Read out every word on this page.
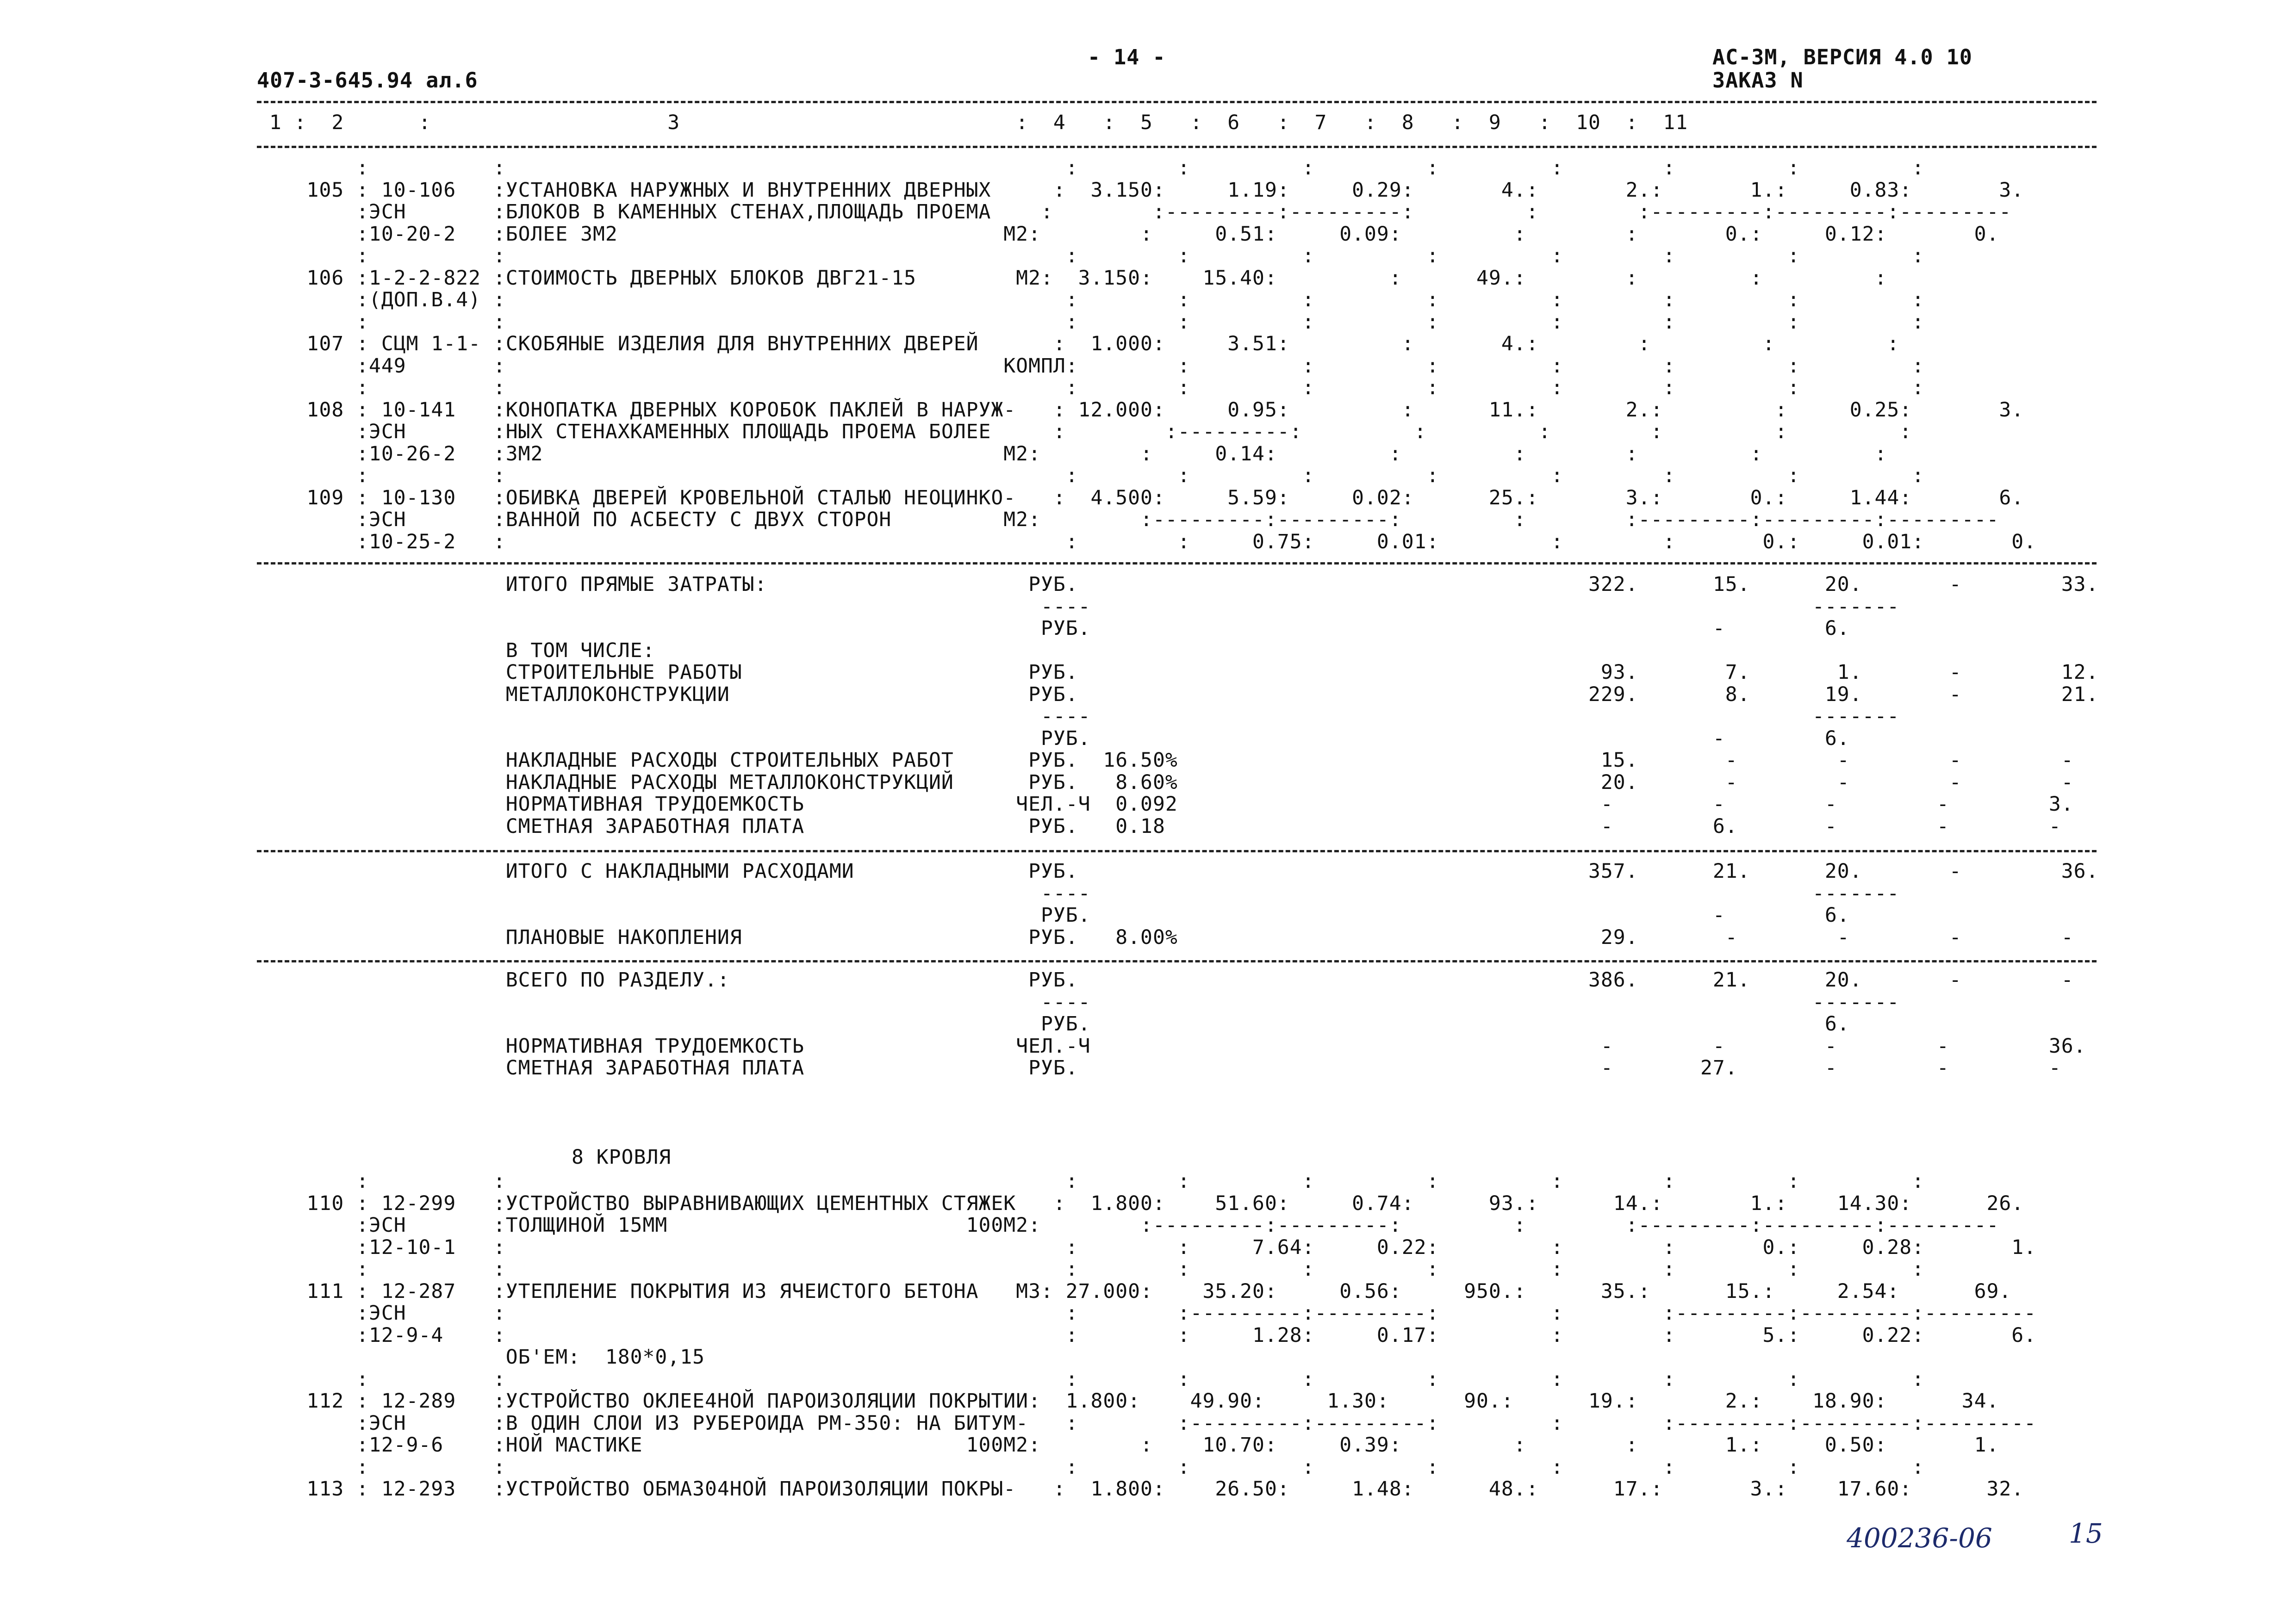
407-3-645.94 ал.6
- 14 -	АС-3М, ВЕРСИЯ 4.0 10
ЗАКАЗ N
1 :  2      :                   3                           :  4   :  5   :  6   :  7   :  8   :  9   :  10  :  11
8 КРОВЛЯ
400236-06	15
:          :                                             :        :         :         :         :        :         :         :
105 : 10-106   :УСТАНОВКА НАРУЖНЫХ И ВНУТРЕННИХ ДВЕРНЫХ     :  3.150:     1.19:     0.29:       4.:       2.:       1.:     0.83:       3.
:ЭСН       :БЛОКОВ В КАМЕННЫХ СТЕНАХ,ПЛОЩАДЬ ПРОЕМА    :        :---------:---------:         :        :---------:---------:---------
:10-20-2   :БОЛЕЕ 3М2                               М2:        :     0.51:     0.09:         :        :       0.:     0.12:       0.
:          :                                             :        :         :         :         :        :         :         :
106 :1-2-2-822 :СТОИМОСТЬ ДВЕРНЫХ БЛОКОВ ДВГ21-15        М2:  3.150:    15.40:         :      49.:        :         :         :
:(ДОП.В.4) :                                             :        :         :         :         :        :         :         :
:          :                                             :        :         :         :         :        :         :         :
107 : СЦМ 1-1- :СКОБЯНЫЕ ИЗДЕЛИЯ ДЛЯ ВНУТРЕННИХ ДВЕРЕЙ      :  1.000:     3.51:         :       4.:        :         :         :
:449       :                                        КОМПЛ:        :         :         :         :        :         :         :
:          :                                             :        :         :         :         :        :         :         :
108 : 10-141   :КОНОПАТКА ДВЕРНЫХ КОРОБОК ПАКЛЕЙ В НАРУЖ-   : 12.000:     0.95:         :      11.:       2.:         :     0.25:       3.
:ЭСН       :НЫХ СТЕНАХКАМЕННЫХ ПЛОЩАДЬ ПРОЕМА БОЛЕЕ     :        :---------:         :         :        :         :         :
:10-26-2   :3М2                                     М2:        :     0.14:         :         :        :         :         :
:          :                                             :        :         :         :         :        :         :         :
109 : 10-130   :ОБИВКА ДВЕРЕЙ КРОВЕЛЬНОЙ СТАЛЬЮ НЕОЦИНКО-   :  4.500:     5.59:     0.02:      25.:       3.:       0.:     1.44:       6.
:ЭСН       :ВАННОЙ ПО АСБЕСТУ С ДВУХ СТОРОН         М2:        :---------:---------:         :        :---------:---------:---------
:10-25-2   :                                             :        :     0.75:     0.01:         :        :       0.:     0.01:       0.
ИТОГО ПРЯМЫЕ ЗАТРАТЫ:                     РУБ.                                         322.      15.      20.       -        33.
----                                                          -------
РУБ.                                                  -        6.
В ТОМ ЧИСЛЕ:
СТРОИТЕЛЬНЫЕ РАБОТЫ                       РУБ.                                          93.       7.       1.       -        12.
МЕТАЛЛОКОНСТРУКЦИИ                        РУБ.                                         229.       8.      19.       -        21.
----                                                          -------
РУБ.                                                  -        6.
НАКЛАДНЫЕ РАСХОДЫ СТРОИТЕЛЬНЫХ РАБОТ      РУБ.  16.50%                                  15.       -        -        -        -
НАКЛАДНЫЕ РАСХОДЫ МЕТАЛЛОКОНСТРУКЦИЙ      РУБ.   8.60%                                  20.       -        -        -        -
НОРМАТИВНАЯ ТРУДОЕМКОСТЬ                 ЧЕЛ.-Ч  0.092                                  -        -        -        -        3.
СМЕТНАЯ ЗАРАБОТНАЯ ПЛАТА                  РУБ.   0.18                                   -        6.       -        -        -
ИТОГО С НАКЛАДНЫМИ РАСХОДАМИ              РУБ.                                         357.      21.      20.       -        36.
----                                                          -------
РУБ.                                                  -        6.
ПЛАНОВЫЕ НАКОПЛЕНИЯ                       РУБ.   8.00%                                  29.       -        -        -        -
ВСЕГО ПО РАЗДЕЛУ.:                        РУБ.                                         386.      21.      20.       -        -
----                                                          -------
РУБ.                                                           6.
НОРМАТИВНАЯ ТРУДОЕМКОСТЬ                 ЧЕЛ.-Ч                                         -        -        -        -        36.
СМЕТНАЯ ЗАРАБОТНАЯ ПЛАТА                  РУБ.                                          -       27.       -        -        -
:          :                                             :        :         :         :         :        :         :         :
110 : 12-299   :УСТРОЙСТВО ВЫРАВНИВАЮЩИХ ЦЕМЕНТНЫХ СТЯЖЕК   :  1.800:    51.60:     0.74:      93.:      14.:       1.:    14.30:      26.
:ЭСН       :ТОЛЩИНОЙ 15ММ                        100М2:        :---------:---------:         :        :---------:---------:---------
:12-10-1   :                                             :        :     7.64:     0.22:         :        :       0.:     0.28:       1.
:          :                                             :        :         :         :         :        :         :         :
111 : 12-287   :УТЕПЛЕНИЕ ПОКРЫТИЯ ИЗ ЯЧЕИСТОГО БЕТОНА   М3: 27.000:    35.20:     0.56:     950.:      35.:      15.:     2.54:      69.
:ЭСН       :                                             :        :---------:---------:         :        :---------:---------:---------
:12-9-4    :                                             :        :     1.28:     0.17:         :        :       5.:     0.22:       6.
ОБ'ЕМ:  180*0,15
:          :                                             :        :         :         :         :        :         :         :
112 : 12-289   :УСТРОЙСТВО ОКЛЕЕ4НОЙ ПАРОИЗОЛЯЦИИ ПОКРЫТИИ:  1.800:    49.90:     1.30:      90.:      19.:       2.:    18.90:      34.
:ЭСН       :В ОДИН СЛОИ ИЗ РУБЕРОИДА РМ-350: НА БИТУМ-   :        :---------:---------:         :        :---------:---------:---------
:12-9-6    :НОЙ МАСТИКЕ                          100М2:        :    10.70:     0.39:         :        :       1.:     0.50:       1.
:          :                                             :        :         :         :         :        :         :         :
113 : 12-293   :УСТРОЙСТВО ОБМАЗ04НОЙ ПАРОИЗОЛЯЦИИ ПОКРЫ-   :  1.800:    26.50:     1.48:      48.:      17.:       3.:    17.60:      32.
